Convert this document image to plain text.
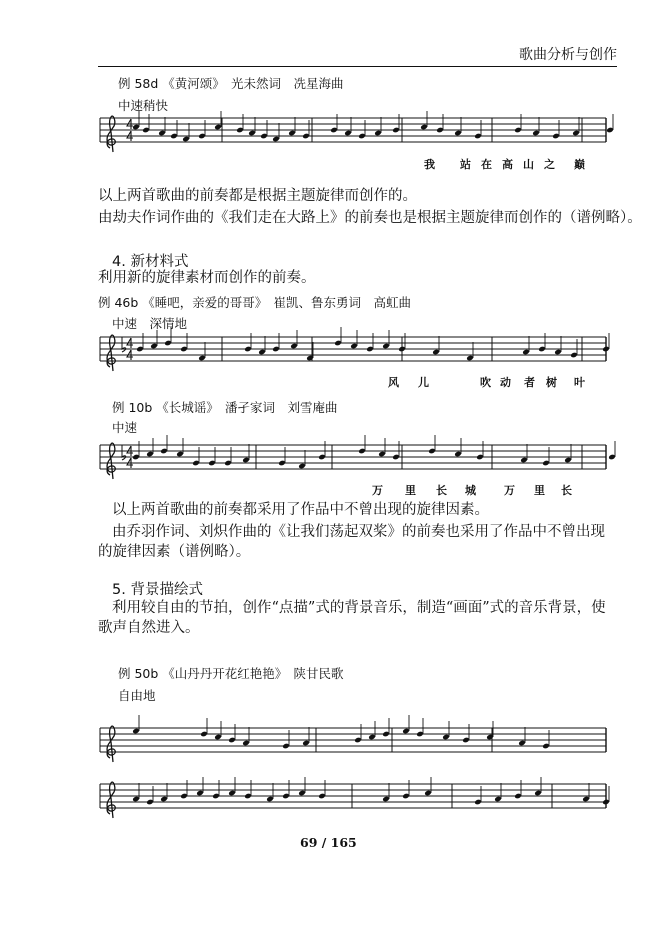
歌曲分析与创作
例 58d 《黄河颂》　光未然词　冼星海曲
中速稍快
我 站 在 高 山 之 巅
以上两首歌曲的前奏都是根据主题旋律而创作的。
由劫夫作词作曲的《我们走在大路上》的前奏也是根据主题旋律而创作的（谱例略）。
4. 新材料式
利用新的旋律素材而创作的前奏。
例 46b 《睡吧，亲爱的哥哥》　崔凯、鲁东勇词　高虹曲
中速　深情地
风 儿	吹 动 者 树 叶
例 10b 《长城谣》　潘孑家词　刘雪庵曲
中速
万 里 长 城	万 里 长
以上两首歌曲的前奏都采用了作品中不曾出现的旋律因素。
由乔羽作词、刘炽作曲的《让我们荡起双桨》的前奏也采用了作品中不曾出现的旋律因素（谱例略）。
5. 背景描绘式
利用较自由的节拍，创作“点描”式的背景音乐，制造“画面”式的音乐背景，使歌声自然进入。
例 50b 《山丹丹开花红艳艳》　陕甘民歌
自由地
69 / 165
